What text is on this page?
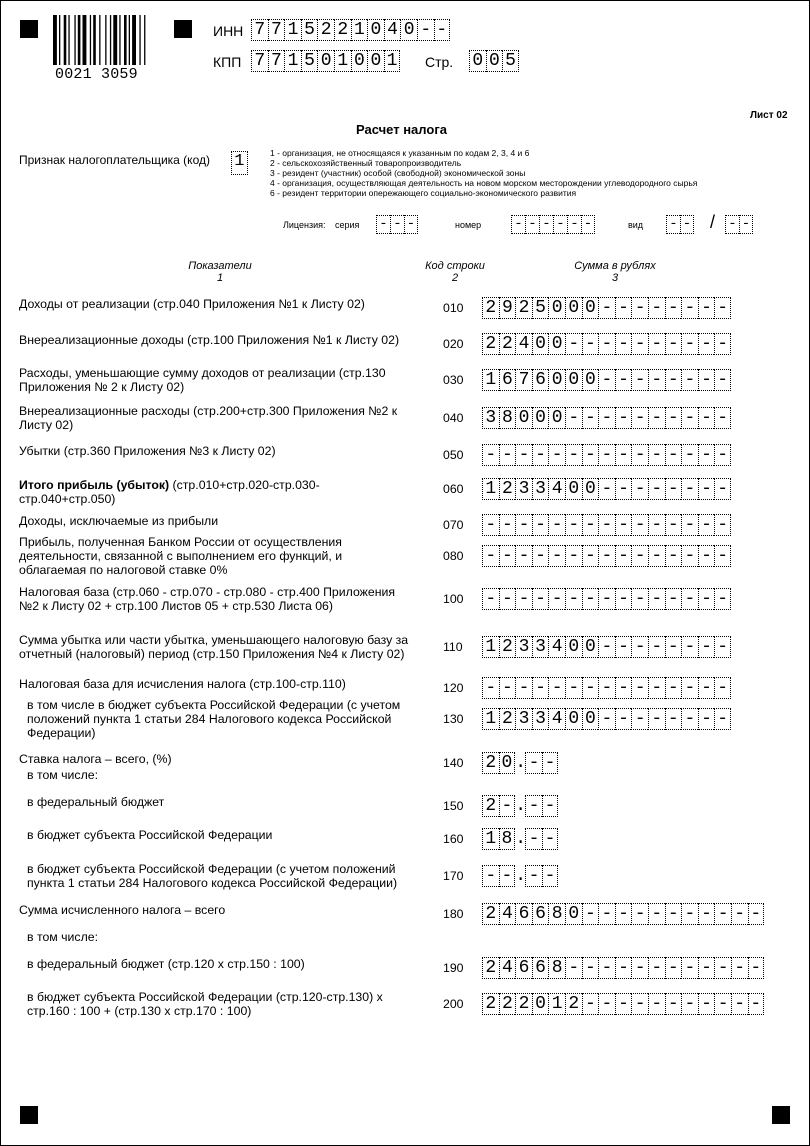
0021 3059
ИНН 7 7 1 5 2 2 1 0 4 0 - -
КПП 7 7 1 5 0 1 0 0 1 Стр. 0 0 5
Лист 02
Расчет налога
Признак налогоплательщика (код) 1	1 - организация, не относящаяся к указанным по кодам 2, 3, 4 и 6
2 - сельскохозяйственный товаропроизводитель
3 - резидент (участник) особой (свободной) экономической зоны
4 - организация, осуществляющая деятельность на новом морском месторождении углеводородного сырья
6 - резидент территории опережающего социально-экономического развития
Лицензия: серия - - -	номер - - - - - -	вид - - / - -
Показатели
1
Код строки
2
Сумма в рублях
3
Доходы от реализации (стр.040 Приложения №1 к Листу 02)	010 2 9 2 5 0 0 0 - - - - - - - -
Внереализационные доходы (стр.100 Приложения №1 к Листу 02)	020 2 2 4 0 0 - - - - - - - - - -
Расходы, уменьшающие сумму доходов от реализации (стр.130 Приложения № 2 к Листу 02)	030 1 6 7 6 0 0 0 - - - - - - - -
Внереализационные расходы (стр.200+стр.300 Приложения №2 к Листу 02)	040 3 8 0 0 0 - - - - - - - - - -
Убытки (стр.360 Приложения №3 к Листу 02)	050 - - - - - - - - - - - - - - -
Итого прибыль (убыток) (стр.010+стр.020-стр.030-стр.040+стр.050)
060 1 2 3 3 4 0 0 - - - - - - - -
Доходы, исключаемые из прибыли	070 - - - - - - - - - - - - - - -
Прибыль, полученная Банком России от осуществления деятельности, связанной с выполнением его функций, и облагаемая по налоговой ставке 0%
080 - - - - - - - - - - - - - - -
Налоговая база (стр.060 - стр.070 - стр.080 - стр.400 Приложения №2 к Листу 02 + стр.100 Листов 05 + стр.530 Листа 06)	100 - - - - - - - - - - - - - - -
Сумма убытка или части убытка, уменьшающего налоговую базу за отчетный (налоговый) период (стр.150 Приложения №4 к Листу 02)	110 1 2 3 3 4 0 0 - - - - - - - -
Налоговая база для исчисления налога (стр.100-стр.110)	120 - - - - - - - - - - - - - - -
в том числе в бюджет субъекта Российской Федерации (с учетом положений пункта 1 статьи 284 Налогового кодекса Российской Федерации)
130 1 2 3 3 4 0 0 - - - - - - - -
Ставка налога – всего, (%)	140 2 0 . - -
в том числе:
в федеральный бюджет	150 2 - . - -
в бюджет субъекта Российской Федерации	160 1 8 . - -
в бюджет субъекта Российской Федерации (с учетом положений пункта 1 статьи 284 Налогового кодекса Российской Федерации)	170 - - . - -
Сумма исчисленного налога – всего	180 2 4 6 6 8 0 - - - - - - - - - - -
в том числе:
в федеральный бюджет (стр.120 х стр.150 : 100)	190 2 4 6 6 8 - - - - - - - - - - - -
в бюджет субъекта Российской Федерации (стр.120-стр.130) х стр.160 : 100 + (стр.130 х стр.170 : 100)	200 2 2 2 0 1 2 - - - - - - - - - - -
